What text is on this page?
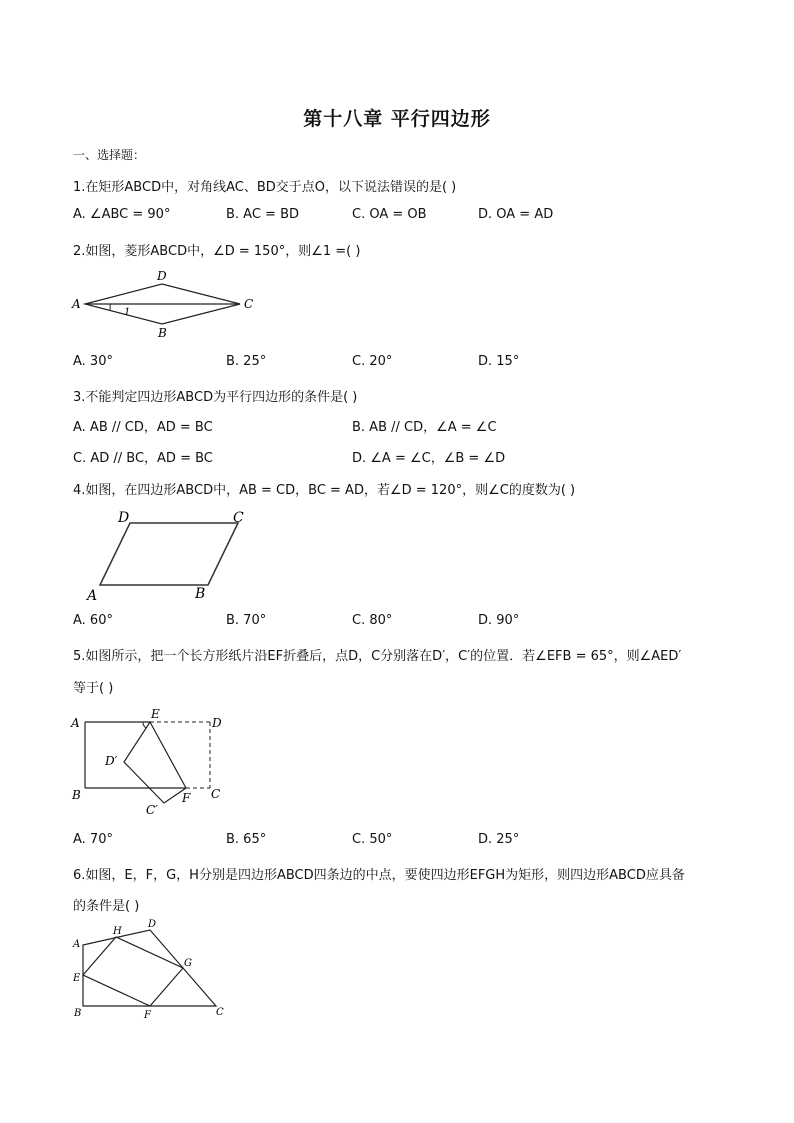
第十八章 平行四边形
一、选择题：
1.在矩形ABCD中，对角线AC、BD交于点O，以下说法错误的是( )
A. ∠ABC = 90°	B. AC = BD	C. OA = OB	D. OA = AD
2.如图，菱形ABCD中，∠D = 150°，则∠1 =( )
A
D
C
B
1
A. 30°	B. 25°	C. 20°	D. 15°
3.不能判定四边形ABCD为平行四边形的条件是( )
A. AB // CD，AD = BC	B. AB // CD，∠A = ∠C
C. AD // BC，AD = BC	D. ∠A = ∠C，∠B = ∠D
4.如图，在四边形ABCD中，AB = CD，BC = AD，若∠D = 120°，则∠C的度数为( )
D	C
A	B
A. 60°	B. 70°	C. 80°	D. 90°
5.如图所示，把一个长方形纸片沿EF折叠后，点D，C分别落在D′，C′的位置．若∠EFB = 65°，则∠AED′
等于( )
A
E
D
D′
B
C′
F C
A. 70°	B. 65°	C. 50°	D. 25°
6.如图，E，F，G，H分别是四边形ABCD四条边的中点，要使四边形EFGH为矩形，则四边形ABCD应具备
的条件是( )
A
H
D
G
E
B	F	C
